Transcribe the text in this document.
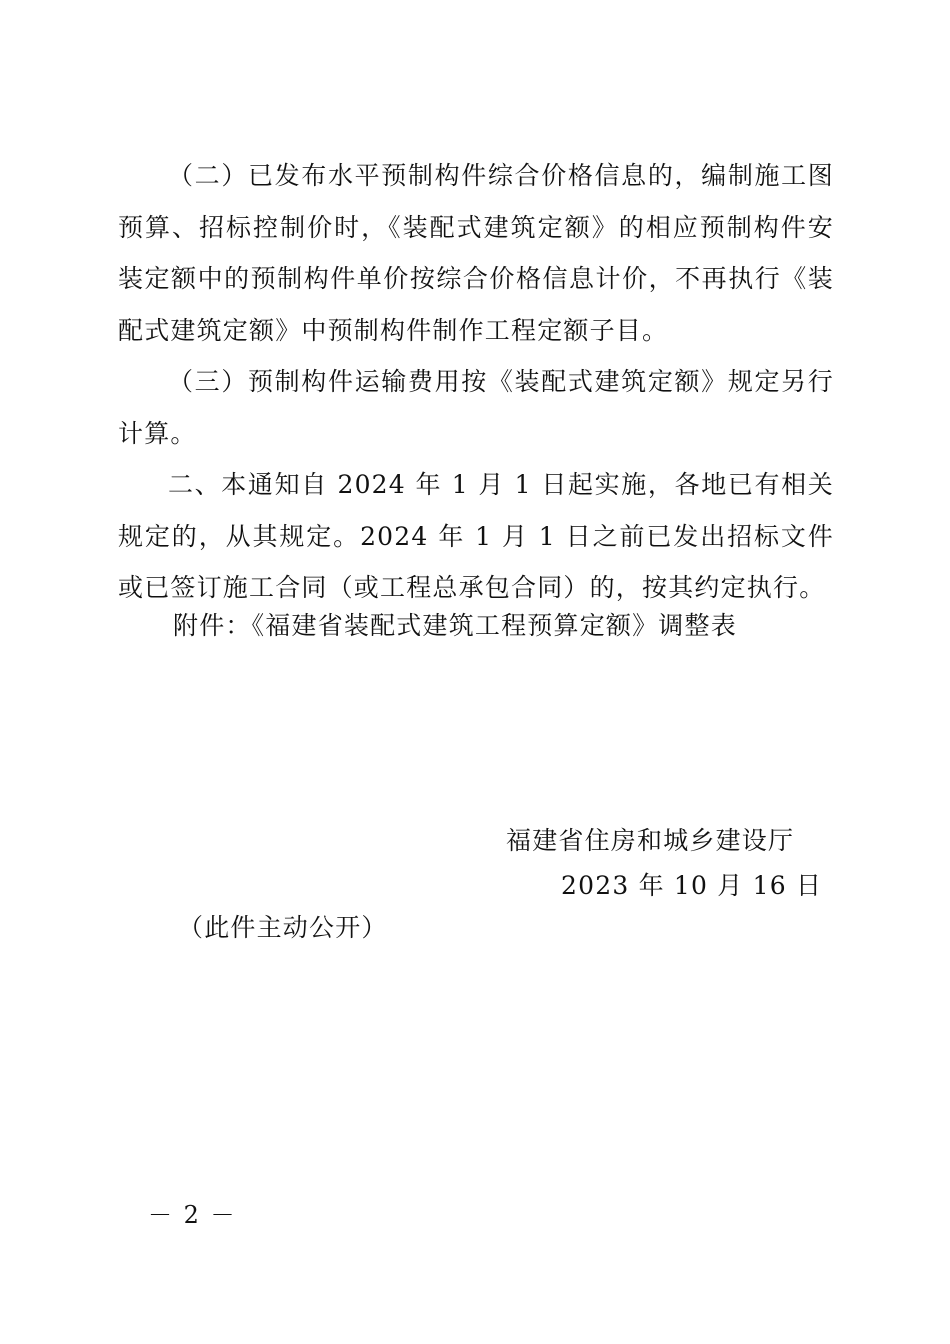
（二）已发布水平预制构件综合价格信息的，编制施工图预算、招标控制价时，《装配式建筑定额》的相应预制构件安装定额中的预制构件单价按综合价格信息计价，不再执行《装配式建筑定额》中预制构件制作工程定额子目。

（三）预制构件运输费用按《装配式建筑定额》规定另行计算。

二、本通知自 2024 年 1 月 1 日起实施，各地已有相关规定的，从其规定。2024 年 1 月 1 日之前已发出招标文件或已签订施工合同（或工程总承包合同）的，按其约定执行。

附件：《福建省装配式建筑工程预算定额》调整表
福建省住房和城乡建设厅
2023 年 10 月 16 日
（此件主动公开）
－ 2 －
